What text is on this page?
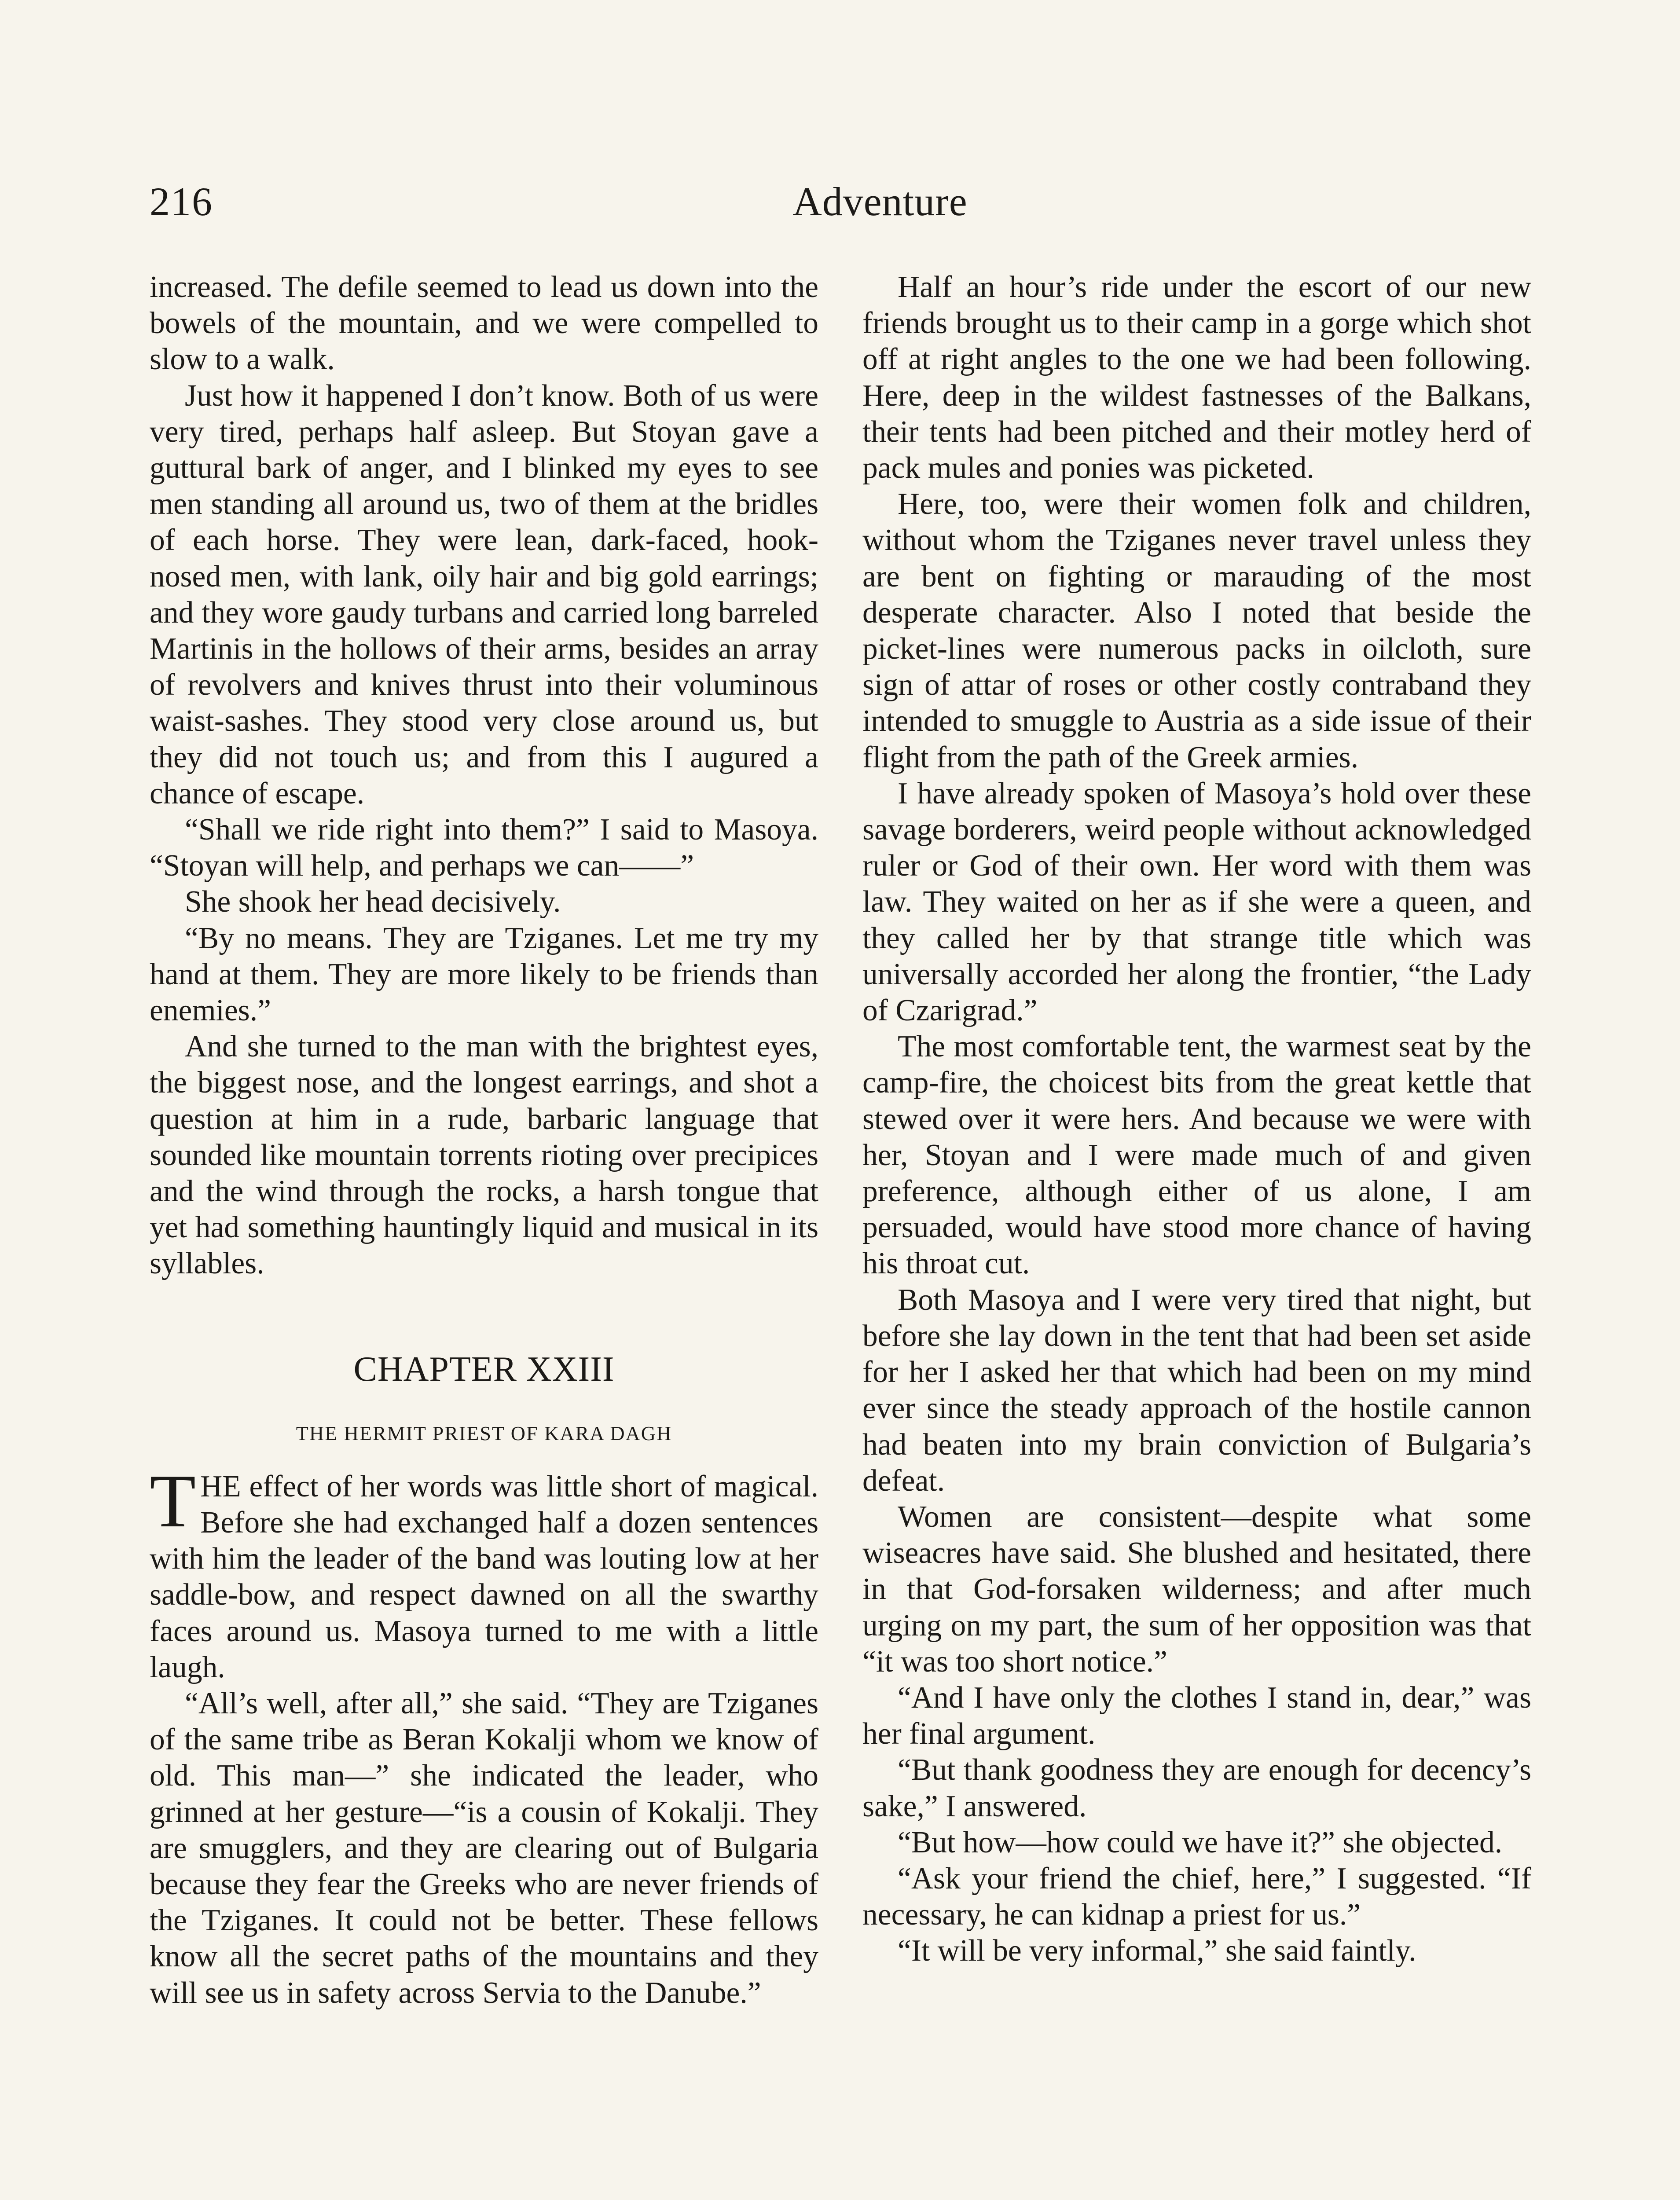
216	Adventure

increased. The defile seemed to lead us down into the bowels of the mountain, and we were compelled to slow to a walk.

Just how it happened I don’t know. Both of us were very tired, perhaps half asleep. But Stoyan gave a guttural bark of anger, and I blinked my eyes to see men standing all around us, two of them at the bridles of each horse. They were lean, dark-faced, hook-nosed men, with lank, oily hair and big gold earrings; and they wore gaudy turbans and carried long barreled Martinis in the hollows of their arms, besides an array of revolvers and knives thrust into their voluminous waist-sashes. They stood very close around us, but they did not touch us; and from this I augured a chance of escape.

“Shall we ride right into them?” I said to Masoya. “Stoyan will help, and perhaps we can——”

She shook her head decisively.

“By no means. They are Tziganes. Let me try my hand at them. They are more likely to be friends than enemies.”

And she turned to the man with the brightest eyes, the biggest nose, and the longest earrings, and shot a question at him in a rude, barbaric language that sounded like mountain torrents rioting over precipices and the wind through the rocks, a harsh tongue that yet had something hauntingly liquid and musical in its syllables.

CHAPTER XXIII
THE HERMIT PRIEST OF KARA DAGH

THE effect of her words was little short of magical. Before she had exchanged half a dozen sentences with him the leader of the band was louting low at her saddle-bow, and respect dawned on all the swarthy faces around us. Masoya turned to me with a little laugh.

“All’s well, after all,” she said. “They are Tziganes of the same tribe as Beran Kokalji whom we know of old. This man—” she indicated the leader, who grinned at her gesture—“is a cousin of Kokalji. They are smugglers, and they are clearing out of Bulgaria because they fear the Greeks who are never friends of the Tziganes. It could not be better. These fellows know all the secret paths of the mountains and they will see us in safety across Servia to the Danube.”

Half an hour’s ride under the escort of our new friends brought us to their camp in a gorge which shot off at right angles to the one we had been following. Here, deep in the wildest fastnesses of the Balkans, their tents had been pitched and their motley herd of pack mules and ponies was picketed.

Here, too, were their women folk and children, without whom the Tziganes never travel unless they are bent on fighting or marauding of the most desperate character. Also I noted that beside the picket-lines were numerous packs in oilcloth, sure sign of attar of roses or other costly contraband they intended to smuggle to Austria as a side issue of their flight from the path of the Greek armies.

I have already spoken of Masoya’s hold over these savage borderers, weird people without acknowledged ruler or God of their own. Her word with them was law. They waited on her as if she were a queen, and they called her by that strange title which was universally accorded her along the frontier, “the Lady of Czarigrad.”

The most comfortable tent, the warmest seat by the camp-fire, the choicest bits from the great kettle that stewed over it were hers. And because we were with her, Stoyan and I were made much of and given preference, although either of us alone, I am persuaded, would have stood more chance of having his throat cut.

Both Masoya and I were very tired that night, but before she lay down in the tent that had been set aside for her I asked her that which had been on my mind ever since the steady approach of the hostile cannon had beaten into my brain conviction of Bulgaria’s defeat.

Women are consistent—despite what some wiseacres have said. She blushed and hesitated, there in that God-forsaken wilderness; and after much urging on my part, the sum of her opposition was that “it was too short notice.”

“And I have only the clothes I stand in, dear,” was her final argument.

“But thank goodness they are enough for decency’s sake,” I answered.

“But how—how could we have it?” she objected.

“Ask your friend the chief, here,” I suggested. “If necessary, he can kidnap a priest for us.”

“It will be very informal,” she said faintly.
